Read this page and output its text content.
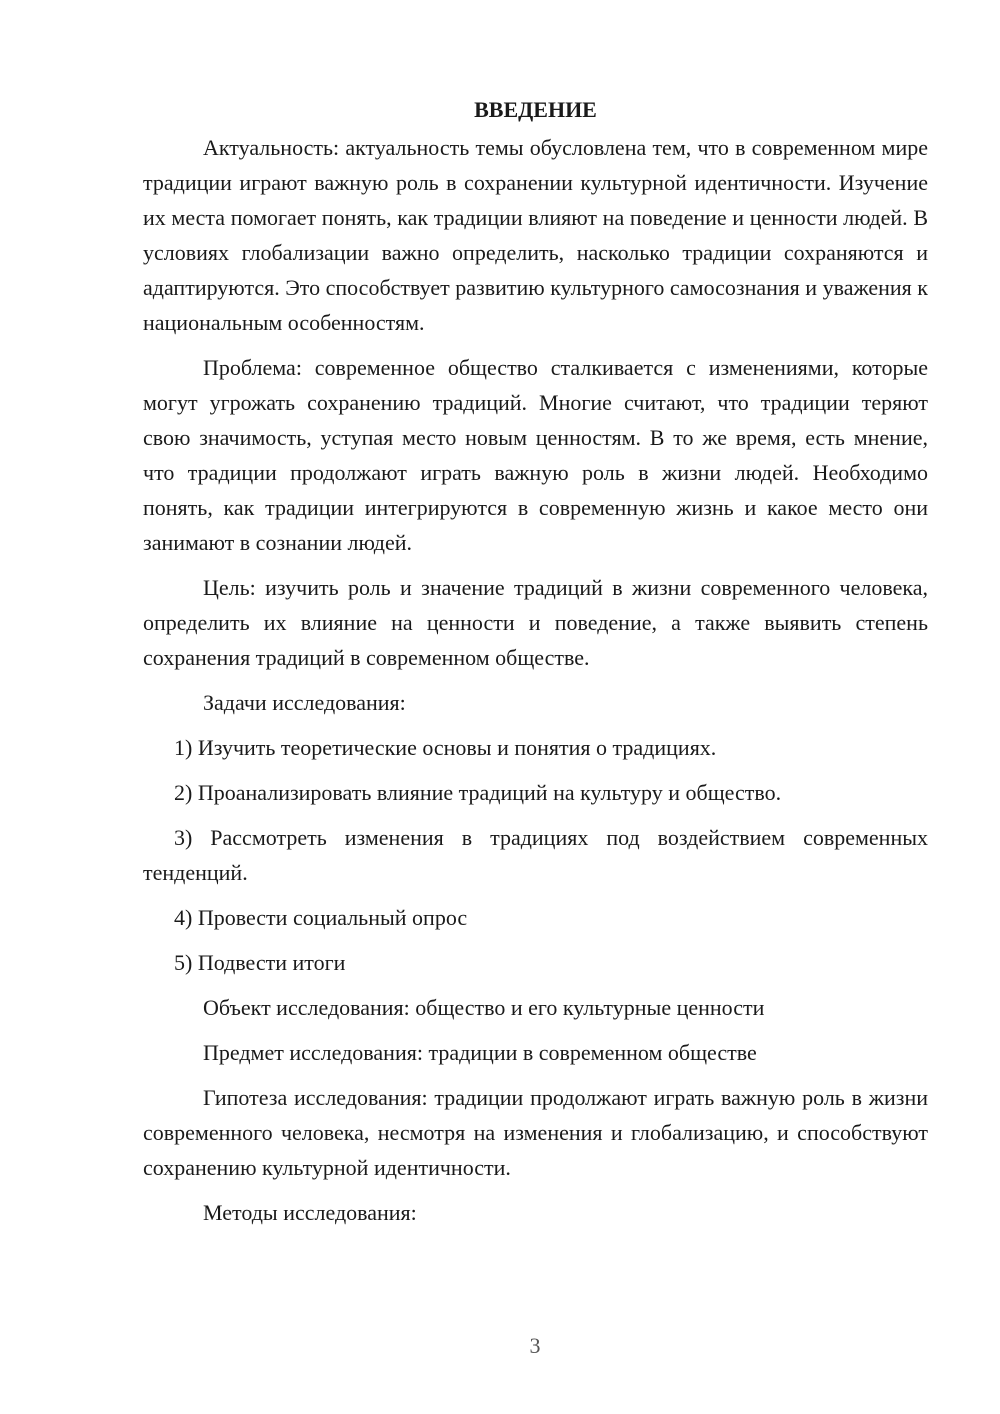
ВВЕДЕНИЕ

Актуальность: актуальность темы обусловлена тем, что в современном мире традиции играют важную роль в сохранении культурной идентичности. Изучение их места помогает понять, как традиции влияют на поведение и ценности людей. В условиях глобализации важно определить, насколько традиции сохраняются и адаптируются. Это способствует развитию культурного самосознания и уважения к национальным особенностям.

Проблема: современное общество сталкивается с изменениями, которые могут угрожать сохранению традиций. Многие считают, что традиции теряют свою значимость, уступая место новым ценностям. В то же время, есть мнение, что традиции продолжают играть важную роль в жизни людей. Необходимо понять, как традиции интегрируются в современную жизнь и какое место они занимают в сознании людей.

Цель: изучить роль и значение традиций в жизни современного человека, определить их влияние на ценности и поведение, а также выявить степень сохранения традиций в современном обществе.

Задачи исследования:

1) Изучить теоретические основы и понятия о традициях.

2) Проанализировать влияние традиций на культуру и общество.

3) Рассмотреть изменения в традициях под воздействием современных тенденций.

4) Провести социальный опрос

5) Подвести итоги

Объект исследования: общество и его культурные ценности

Предмет исследования: традиции в современном обществе

Гипотеза исследования: традиции продолжают играть важную роль в жизни современного человека, несмотря на изменения и глобализацию, и способствуют сохранению культурной идентичности.

Методы исследования:

3
